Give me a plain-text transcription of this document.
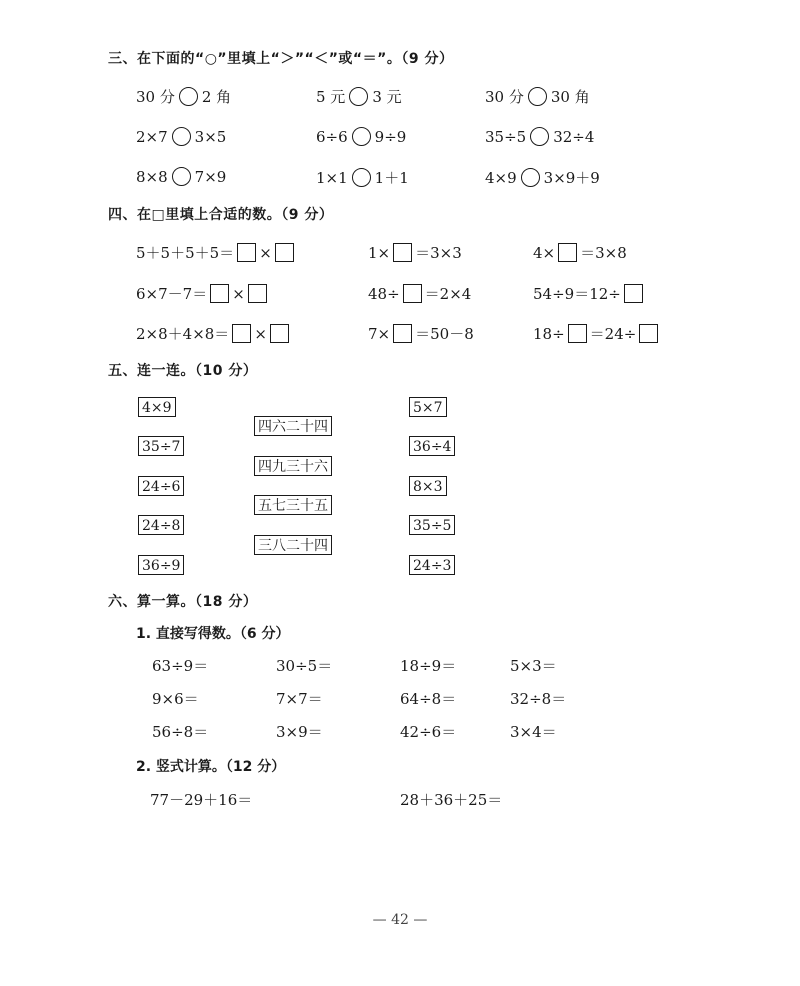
三、在下面的“○”里填上“＞”“＜”或“＝”。（9 分）
30 分 2 角	5 元 3 元	30 分 30 角
2×7 3×5	6÷6 9÷9	35÷5 32÷4
8×8 7×9	1×1 1＋1	4×9 3×9＋9
四、在□里填上合适的数。（9 分）
5＋5＋5＋5＝ ×	1× ＝3×3	4× ＝3×8
6×7－7＝ ×	48÷ ＝2×4	54÷9＝12÷
2×8＋4×8＝ ×	7× ＝50－8	18÷ ＝24÷
五、连一连。（10 分）
4×9
35÷7
24÷6
24÷8
36÷9
四六二十四
四九三十六
五七三十五
三八二十四
5×7
36÷4
8×3
35÷5
24÷3
六、算一算。（18 分）
1. 直接写得数。（6 分）
63÷9＝	30÷5＝	18÷9＝	5×3＝
9×6＝	7×7＝	64÷8＝	32÷8＝
56÷8＝	3×9＝	42÷6＝	3×4＝
2. 竖式计算。（12 分）
77－29＋16＝	28＋36＋25＝
— 42 —
